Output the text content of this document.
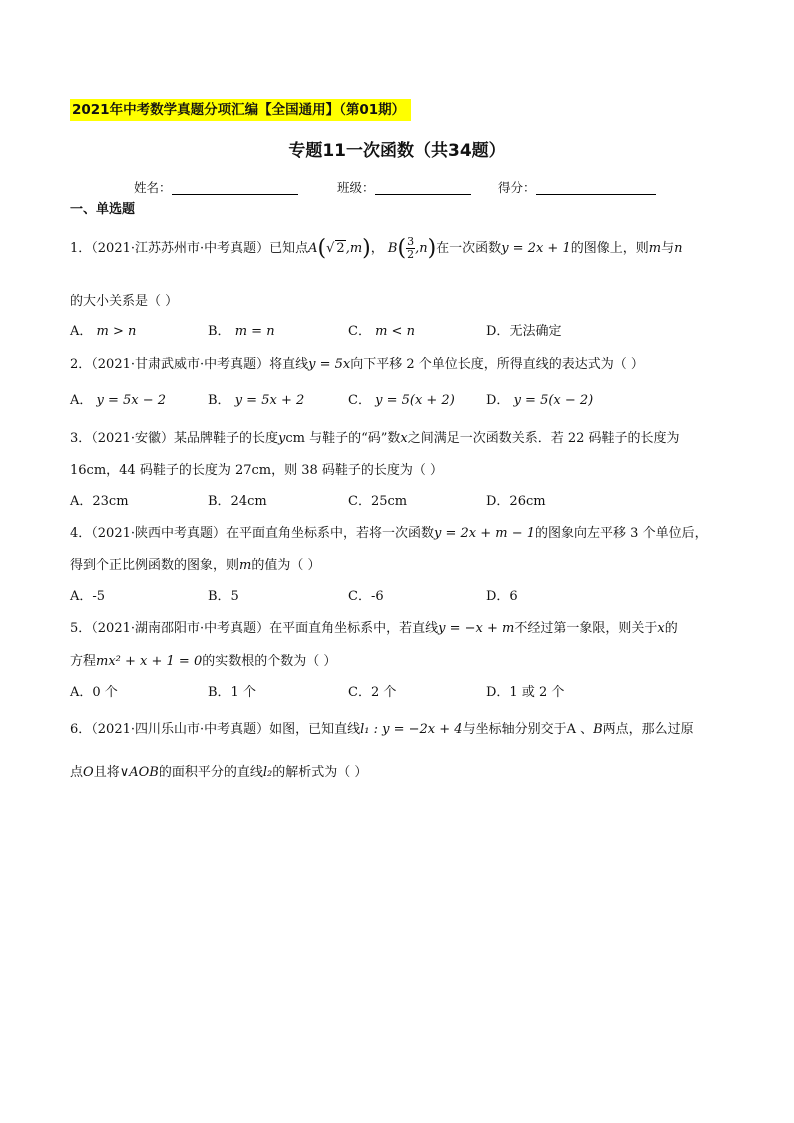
2021年中考数学真题分项汇编【全国通用】（第01期）
专题11一次函数（共34题）
姓名：	班级：	得分：
一、单选题
1．（2021·江苏苏州市·中考真题）已知点A(√ 2,m)， $B( \frac{3}{2} ,n)$在一次函数y = 2x + 1的图像上，则m与n
的大小关系是（ ）
A． m > n	B． m = n	C． m < n	D．无法确定
2．（2021·甘肃武威市·中考真题）将直线y = 5x向下平移 2 个单位长度，所得直线的表达式为（ ）
A． y = 5x − 2	B． y = 5x + 2	C． y = 5(x + 2) D． y = 5(x − 2)
3．（2021·安徽）某品牌鞋子的长度ycm 与鞋子的“码”数x之间满足一次函数关系．若 22 码鞋子的长度为
16cm，44 码鞋子的长度为 27cm，则 38 码鞋子的长度为（ ）
A．23cm	B．24cm	C．25cm	D．26cm
4．（2021·陕西中考真题）在平面直角坐标系中，若将一次函数y = 2x + m − 1的图象向左平移 3 个单位后，
得到个正比例函数的图象，则m的值为（ ）
A．-5	B．5	C．-6	D．6
5．（2021·湖南邵阳市·中考真题）在平面直角坐标系中，若直线y = −x + m不经过第一象限，则关于x的
方程mx² + x + 1 = 0的实数根的个数为（ ）
A．0 个	B．1 个	C．2 个	D．1 或 2 个
6．（2021·四川乐山市·中考真题）如图，已知直线l₁ : y = −2x + 4与坐标轴分别交于A 、B两点，那么过原
点O且将∨AOB的面积平分的直线l₂的解析式为（ ）
